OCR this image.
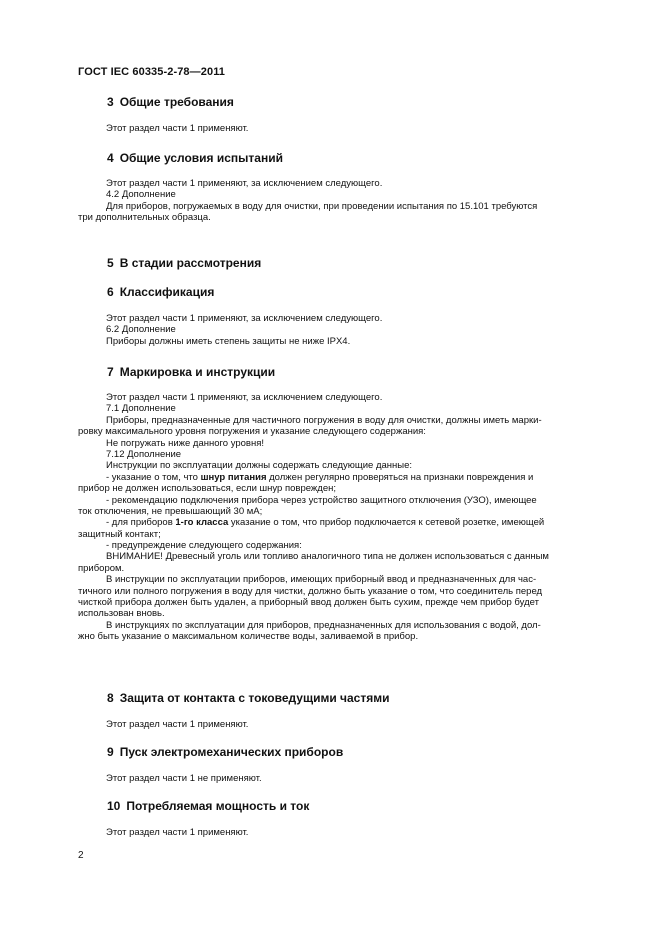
ГОСТ IEC 60335-2-78—2011
3 Общие требования
Этот раздел части 1 применяют.
4 Общие условия испытаний
Этот раздел части 1 применяют, за исключением следующего.
4.2 Дополнение
Для приборов, погружаемых в воду для очистки, при проведении испытания по 15.101 требуются
три дополнительных образца.
5 В стадии рассмотрения
6 Классификация
Этот раздел части 1 применяют, за исключением следующего.
6.2 Дополнение
Приборы должны иметь степень защиты не ниже IPX4.
7 Маркировка и инструкции
Этот раздел части 1 применяют, за исключением следующего.
7.1 Дополнение
Приборы, предназначенные для частичного погружения в воду для очистки, должны иметь марки-
ровку максимального уровня погружения и указание следующего содержания:
Не погружать ниже данного уровня!
7.12 Дополнение
Инструкции по эксплуатации должны содержать следующие данные:
- указание о том, что шнур питания должен регулярно проверяться на признаки повреждения и
прибор не должен использоваться, если шнур поврежден;
- рекомендацию подключения прибора через устройство защитного отключения (УЗО), имеющее
ток отключения, не превышающий 30 мА;
- для приборов 1-го класса указание о том, что прибор подключается к сетевой розетке, имеющей
защитный контакт;
- предупреждение следующего содержания:
ВНИМАНИЕ! Древесный уголь или топливо аналогичного типа не должен использоваться с данным
прибором.
В инструкции по эксплуатации приборов, имеющих приборный ввод и предназначенных для час-
тичного или полного погружения в воду для чистки, должно быть указание о том, что соединитель перед
чисткой прибора должен быть удален, а приборный ввод должен быть сухим, прежде чем прибор будет
использован вновь.
В инструкциях по эксплуатации для приборов, предназначенных для использования с водой, дол-
жно быть указание о максимальном количестве воды, заливаемой в прибор.
8 Защита от контакта с токоведущими частями
Этот раздел части 1 применяют.
9 Пуск электромеханических приборов
Этот раздел части 1 не применяют.
10 Потребляемая мощность и ток
Этот раздел части 1 применяют.
2
